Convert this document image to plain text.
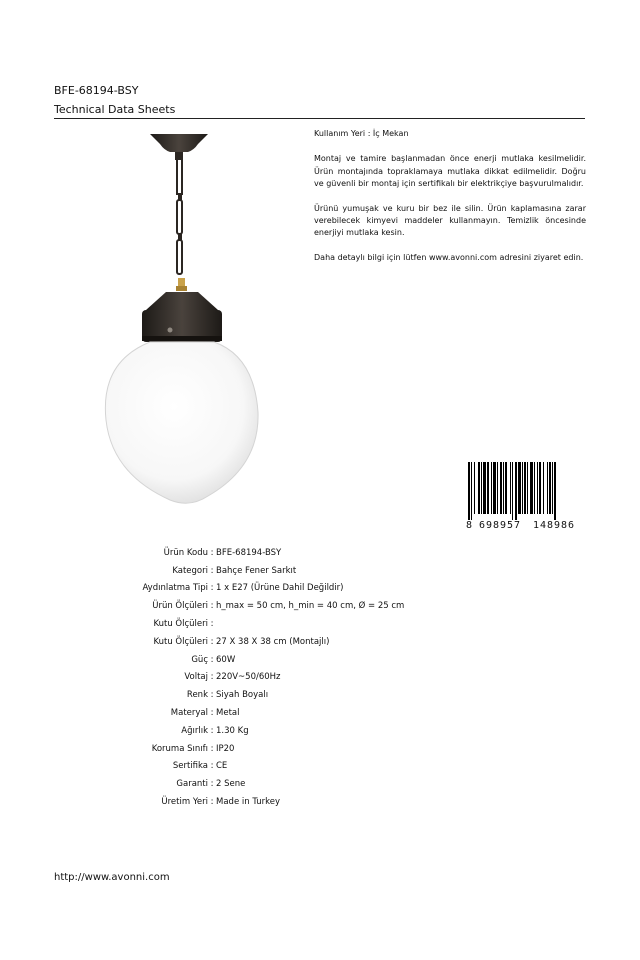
BFE-68194-BSY
Technical Data Sheets

Kullanım Yeri : İç Mekan

Montaj ve tamire başlanmadan önce enerji mutlaka kesilmelidir. Ürün montajında topraklamaya mutlaka dikkat edilmelidir. Doğru ve güvenli bir montaj için sertifikalı bir elektrikçiye başvurulmalıdır.

Ürünü yumuşak ve kuru bir bez ile silin. Ürün kaplamasına zarar verebilecek kimyevi maddeler kullanmayın. Temizlik öncesinde enerjiyi mutlaka kesin.

Daha detaylı bilgi için lütfen www.avonni.com adresini ziyaret edin.

8 698957	148986
Ürün Kodu : BFE-68194-BSY
Kategori : Bahçe Fener Sarkıt
Aydınlatma Tipi : 1 x E27 (Ürüne Dahil Değildir)
Ürün Ölçüleri : h_max = 50 cm, h_min = 40 cm, Ø = 25 cm
Kutu Ölçüleri :
Kutu Ölçüleri : 27 X 38 X 38 cm (Montajlı)
Güç : 60W
Voltaj : 220V~50/60Hz
Renk : Siyah Boyalı
Materyal : Metal
Ağırlık : 1.30 Kg
Koruma Sınıfı : IP20
Sertifika : CE
Garanti : 2 Sene
Üretim Yeri : Made in Turkey
http://www.avonni.com
